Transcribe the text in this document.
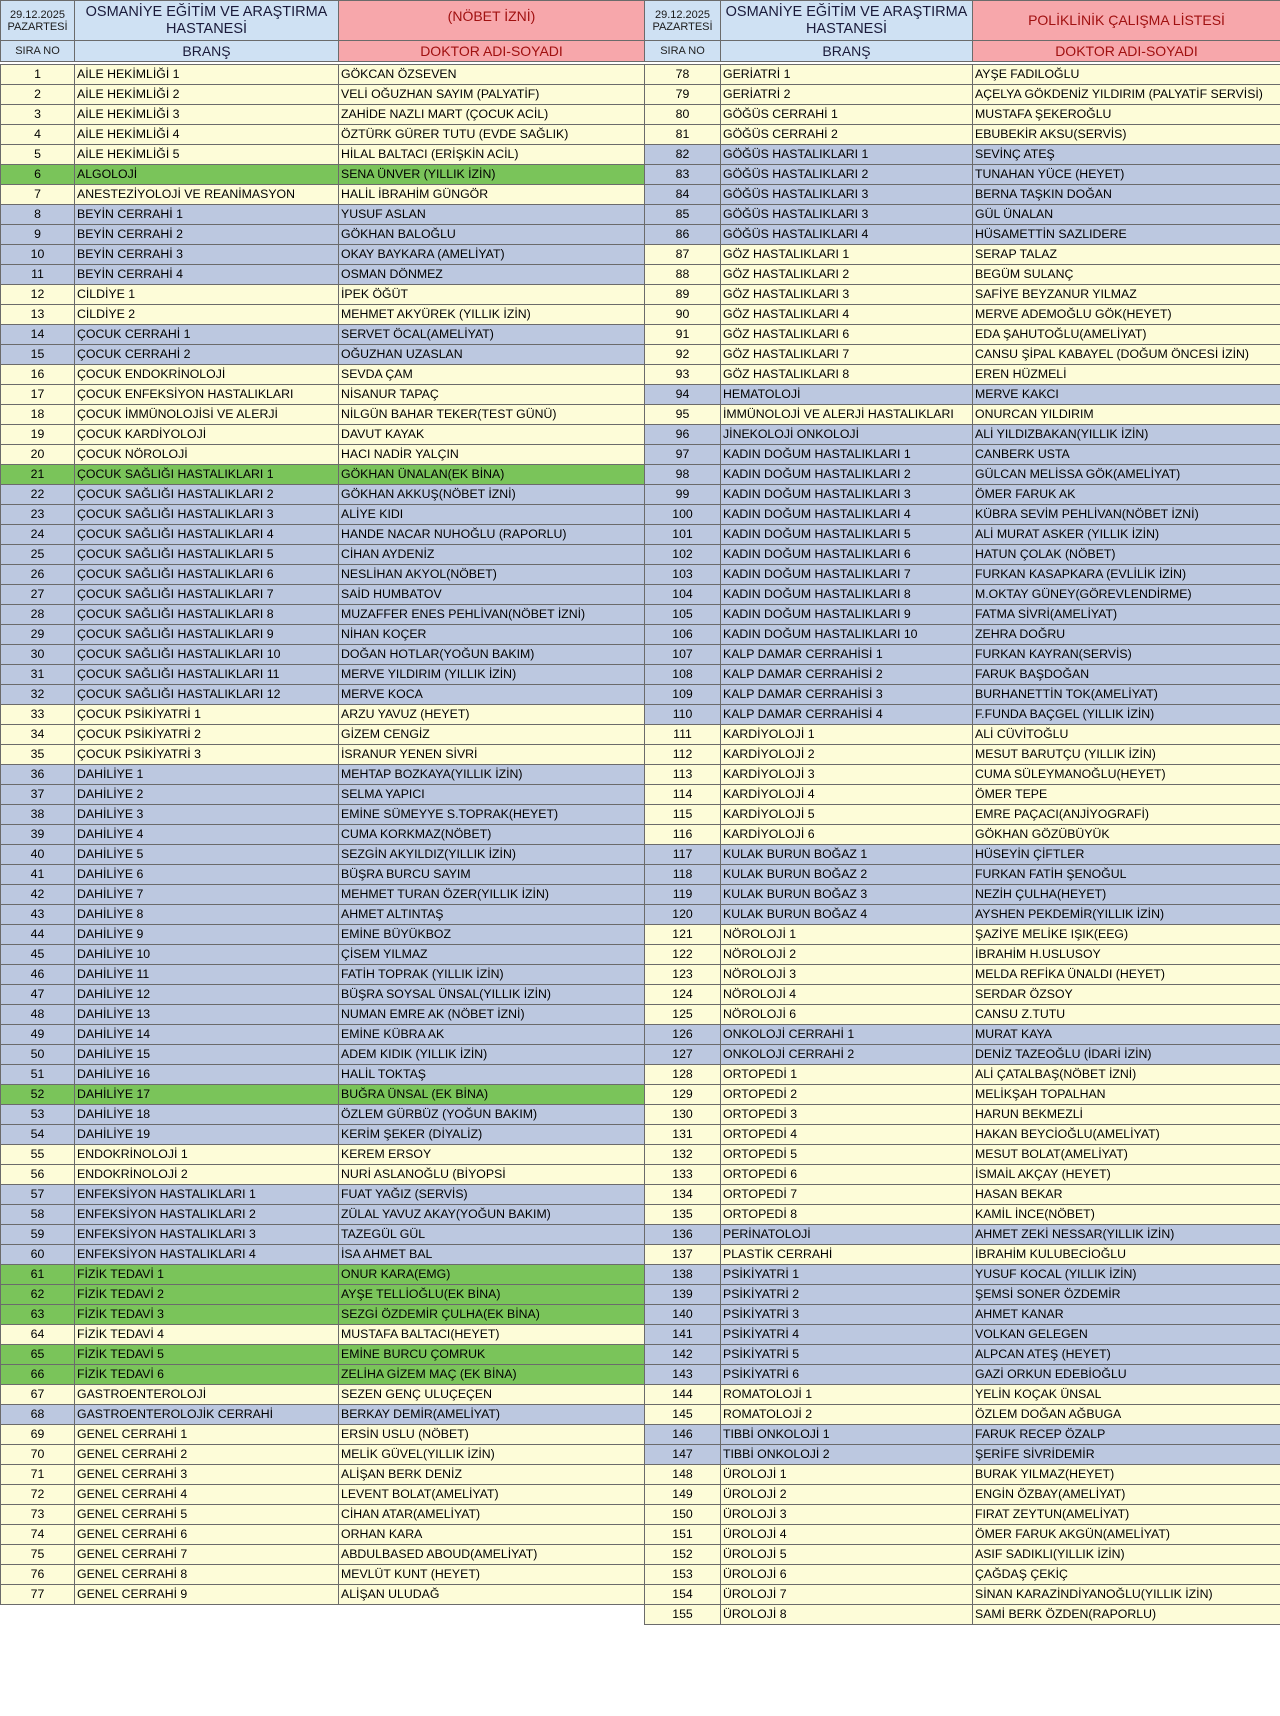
29.12.2025
PAZARTESİ	OSMANİYE EĞİTİM VE ARAŞTIRMA HASTANESİ	(NÖBET İZNİ)
SIRA NO	BRANŞ	DOKTOR ADI-SOYADI

1	AİLE HEKİMLİĞİ 1	GÖKCAN ÖZSEVEN
2	AİLE HEKİMLİĞİ 2	VELİ OĞUZHAN SAYIM (PALYATİF)
3	AİLE HEKİMLİĞİ 3	ZAHİDE NAZLI MART (ÇOCUK ACİL)
4	AİLE HEKİMLİĞİ 4	ÖZTÜRK GÜRER TUTU (EVDE SAĞLIK)
5	AİLE HEKİMLİĞİ 5	HİLAL BALTACI (ERİŞKİN ACİL)
6	ALGOLOJİ	SENA ÜNVER (YILLIK İZİN)
7	ANESTEZİYOLOJİ VE REANİMASYON	HALİL İBRAHİM GÜNGÖR
8	BEYİN CERRAHİ 1	YUSUF ASLAN
9	BEYİN CERRAHİ 2	GÖKHAN BALOĞLU
10	BEYİN CERRAHİ 3	OKAY BAYKARA (AMELİYAT)
11	BEYİN CERRAHİ 4	OSMAN DÖNMEZ
12	CİLDİYE 1	İPEK ÖĞÜT
13	CİLDİYE 2	MEHMET AKYÜREK (YILLIK İZİN)
14	ÇOCUK CERRAHİ 1	SERVET ÖCAL(AMELİYAT)
15	ÇOCUK CERRAHİ 2	OĞUZHAN UZASLAN
16	ÇOCUK ENDOKRİNOLOJİ	SEVDA ÇAM
17	ÇOCUK ENFEKSİYON HASTALIKLARI	NİSANUR TAPAÇ
18	ÇOCUK İMMÜNOLOJİSİ VE ALERJİ	NİLGÜN BAHAR TEKER(TEST GÜNÜ)
19	ÇOCUK KARDİYOLOJİ	DAVUT KAYAK
20	ÇOCUK NÖROLOJİ	HACI NADİR YALÇIN
21	ÇOCUK SAĞLIĞI HASTALIKLARI 1	GÖKHAN ÜNALAN(EK BİNA)
22	ÇOCUK SAĞLIĞI HASTALIKLARI 2	GÖKHAN AKKUŞ(NÖBET İZNİ)
23	ÇOCUK SAĞLIĞI HASTALIKLARI 3	ALİYE KIDI
24	ÇOCUK SAĞLIĞI HASTALIKLARI 4	HANDE NACAR NUHOĞLU (RAPORLU)
25	ÇOCUK SAĞLIĞI HASTALIKLARI 5	CİHAN AYDENİZ
26	ÇOCUK SAĞLIĞI HASTALIKLARI 6	NESLİHAN AKYOL(NÖBET)
27	ÇOCUK SAĞLIĞI HASTALIKLARI 7	SAİD HUMBATOV
28	ÇOCUK SAĞLIĞI HASTALIKLARI 8	MUZAFFER ENES PEHLİVAN(NÖBET İZNİ)
29	ÇOCUK SAĞLIĞI HASTALIKLARI 9	NİHAN KOÇER
30	ÇOCUK SAĞLIĞI HASTALIKLARI 10	DOĞAN HOTLAR(YOĞUN BAKIM)
31	ÇOCUK SAĞLIĞI HASTALIKLARI 11	MERVE YILDIRIM (YILLIK İZİN)
32	ÇOCUK SAĞLIĞI HASTALIKLARI 12	MERVE KOCA
33	ÇOCUK PSİKİYATRİ 1	ARZU YAVUZ (HEYET)
34	ÇOCUK PSİKİYATRİ 2	GİZEM CENGİZ
35	ÇOCUK PSİKİYATRİ 3	İSRANUR YENEN SİVRİ
36	DAHİLİYE 1	MEHTAP BOZKAYA(YILLIK İZİN)
37	DAHİLİYE 2	SELMA YAPICI
38	DAHİLİYE 3	EMİNE SÜMEYYE S.TOPRAK(HEYET)
39	DAHİLİYE 4	CUMA KORKMAZ(NÖBET)
40	DAHİLİYE 5	SEZGİN AKYILDIZ(YILLIK İZİN)
41	DAHİLİYE 6	BÜŞRA BURCU SAYIM
42	DAHİLİYE 7	MEHMET TURAN ÖZER(YILLIK İZİN)
43	DAHİLİYE 8	AHMET ALTINTAŞ
44	DAHİLİYE 9	EMİNE BÜYÜKBOZ
45	DAHİLİYE 10	ÇİSEM YILMAZ
46	DAHİLİYE 11	FATİH TOPRAK (YILLIK İZİN)
47	DAHİLİYE 12	BÜŞRA SOYSAL ÜNSAL(YILLIK İZİN)
48	DAHİLİYE 13	NUMAN EMRE AK (NÖBET İZNİ)
49	DAHİLİYE 14	EMİNE KÜBRA AK
50	DAHİLİYE 15	ADEM KIDIK (YILLIK İZİN)
51	DAHİLİYE 16	HALİL TOKTAŞ
52	DAHİLİYE 17	BUĞRA ÜNSAL (EK BİNA)
53	DAHİLİYE 18	ÖZLEM GÜRBÜZ (YOĞUN BAKIM)
54	DAHİLİYE 19	KERİM ŞEKER (DİYALİZ)
55	ENDOKRİNOLOJİ 1	KEREM ERSOY
56	ENDOKRİNOLOJİ 2	NURİ ASLANOĞLU (BİYOPSİ
57	ENFEKSİYON HASTALIKLARI 1	FUAT YAĞIZ (SERVİS)
58	ENFEKSİYON HASTALIKLARI 2	ZÜLAL YAVUZ AKAY(YOĞUN BAKIM)
59	ENFEKSİYON HASTALIKLARI 3	TAZEGÜL GÜL
60	ENFEKSİYON HASTALIKLARI 4	İSA AHMET BAL
61	FİZİK TEDAVİ 1	ONUR KARA(EMG)
62	FİZİK TEDAVİ 2	AYŞE TELLİOĞLU(EK BİNA)
63	FİZİK TEDAVİ 3	SEZGİ ÖZDEMİR ÇULHA(EK BİNA)
64	FİZİK TEDAVİ 4	MUSTAFA BALTACI(HEYET)
65	FİZİK TEDAVİ 5	EMİNE BURCU ÇOMRUK
66	FİZİK TEDAVİ 6	ZELİHA GİZEM MAÇ (EK BİNA)
67	GASTROENTEROLOJİ	SEZEN GENÇ ULUÇEÇEN
68	GASTROENTEROLOJİK CERRAHİ	BERKAY DEMİR(AMELİYAT)
69	GENEL CERRAHİ 1	ERSİN USLU (NÖBET)
70	GENEL CERRAHİ 2	MELİK GÜVEL(YILLIK İZİN)
71	GENEL CERRAHİ 3	ALİŞAN BERK DENİZ
72	GENEL CERRAHİ 4	LEVENT BOLAT(AMELİYAT)
73	GENEL CERRAHİ 5	CİHAN ATAR(AMELİYAT)
74	GENEL CERRAHİ 6	ORHAN KARA
75	GENEL CERRAHİ 7	ABDULBASED ABOUD(AMELİYAT)
76	GENEL CERRAHİ 8	MEVLÜT KUNT (HEYET)
77	GENEL CERRAHİ 9	ALİŞAN ULUDAĞ
29.12.2025
PAZARTESİ	OSMANİYE EĞİTİM VE ARAŞTIRMA HASTANESİ	POLİKLİNİK ÇALIŞMA LİSTESİ
SIRA NO	BRANŞ	DOKTOR ADI-SOYADI

78	GERİATRİ 1	AYŞE FADILOĞLU
79	GERİATRİ 2	AÇELYA GÖKDENİZ YILDIRIM (PALYATİF SERVİSİ)
80	GÖĞÜS CERRAHİ 1	MUSTAFA ŞEKEROĞLU
81	GÖĞÜS CERRAHİ 2	EBUBEKİR AKSU(SERVİS)
82	GÖĞÜS HASTALIKLARI 1	SEVİNÇ ATEŞ
83	GÖĞÜS HASTALIKLARI 2	TUNAHAN YÜCE (HEYET)
84	GÖĞÜS HASTALIKLARI 3	BERNA TAŞKIN DOĞAN
85	GÖĞÜS HASTALIKLARI 3	GÜL ÜNALAN
86	GÖĞÜS HASTALIKLARI 4	HÜSAMETTİN SAZLIDERE
87	GÖZ HASTALIKLARI 1	SERAP TALAZ
88	GÖZ HASTALIKLARI 2	BEGÜM SULANÇ
89	GÖZ HASTALIKLARI 3	SAFİYE BEYZANUR YILMAZ
90	GÖZ HASTALIKLARI 4	MERVE ADEMOĞLU GÖK(HEYET)
91	GÖZ HASTALIKLARI 6	EDA ŞAHUTOĞLU(AMELİYAT)
92	GÖZ HASTALIKLARI 7	CANSU ŞİPAL KABAYEL (DOĞUM ÖNCESİ İZİN)
93	GÖZ HASTALIKLARI 8	EREN HÜZMELİ
94	HEMATOLOJİ	MERVE KAKCI
95	İMMÜNOLOJİ VE ALERJİ HASTALIKLARI	ONURCAN YILDIRIM
96	JİNEKOLOJİ ONKOLOJİ	ALİ YILDIZBAKAN(YILLIK İZİN)
97	KADIN DOĞUM HASTALIKLARI 1	CANBERK USTA
98	KADIN DOĞUM HASTALIKLARI 2	GÜLCAN MELİSSA GÖK(AMELİYAT)
99	KADIN DOĞUM HASTALIKLARI 3	ÖMER FARUK AK
100	KADIN DOĞUM HASTALIKLARI 4	KÜBRA SEVİM PEHLİVAN(NÖBET İZNİ)
101	KADIN DOĞUM HASTALIKLARI 5	ALİ MURAT ASKER (YILLIK İZİN)
102	KADIN DOĞUM HASTALIKLARI 6	HATUN ÇOLAK (NÖBET)
103	KADIN DOĞUM HASTALIKLARI 7	FURKAN KASAPKARA (EVLİLİK İZİN)
104	KADIN DOĞUM HASTALIKLARI 8	M.OKTAY GÜNEY(GÖREVLENDİRME)
105	KADIN DOĞUM HASTALIKLARI 9	FATMA SİVRİ(AMELİYAT)
106	KADIN DOĞUM HASTALIKLARI 10	ZEHRA DOĞRU
107	KALP DAMAR CERRAHİSİ 1	FURKAN KAYRAN(SERVİS)
108	KALP DAMAR CERRAHİSİ 2	FARUK BAŞDOĞAN
109	KALP DAMAR CERRAHİSİ 3	BURHANETTİN TOK(AMELİYAT)
110	KALP DAMAR CERRAHİSİ 4	F.FUNDA BAÇGEL (YILLIK İZİN)
111	KARDİYOLOJİ 1	ALİ CÜVİTOĞLU
112	KARDİYOLOJİ 2	MESUT BARUTÇU (YILLIK İZİN)
113	KARDİYOLOJİ 3	CUMA SÜLEYMANOĞLU(HEYET)
114	KARDİYOLOJİ 4	ÖMER TEPE
115	KARDİYOLOJİ 5	EMRE PAÇACI(ANJİYOGRAFİ)
116	KARDİYOLOJİ 6	GÖKHAN GÖZÜBÜYÜK
117	KULAK BURUN BOĞAZ 1	HÜSEYİN ÇİFTLER
118	KULAK BURUN BOĞAZ 2	FURKAN FATİH ŞENOĞUL
119	KULAK BURUN BOĞAZ 3	NEZİH ÇULHA(HEYET)
120	KULAK BURUN BOĞAZ 4	AYSHEN PEKDEMİR(YILLIK İZİN)
121	NÖROLOJİ 1	ŞAZİYE MELİKE IŞIK(EEG)
122	NÖROLOJİ 2	İBRAHİM H.USLUSOY
123	NÖROLOJİ 3	MELDA REFİKA ÜNALDI (HEYET)
124	NÖROLOJİ 4	SERDAR ÖZSOY
125	NÖROLOJİ 6	CANSU Z.TUTU
126	ONKOLOJİ CERRAHİ 1	MURAT KAYA
127	ONKOLOJİ CERRAHİ 2	DENİZ TAZEOĞLU (İDARİ İZİN)
128	ORTOPEDİ 1	ALİ ÇATALBAŞ(NÖBET İZNİ)
129	ORTOPEDİ 2	MELİKŞAH TOPALHAN
130	ORTOPEDİ 3	HARUN BEKMEZLİ
131	ORTOPEDİ 4	HAKAN BEYCİOĞLU(AMELİYAT)
132	ORTOPEDİ 5	MESUT BOLAT(AMELİYAT)
133	ORTOPEDİ 6	İSMAİL AKÇAY (HEYET)
134	ORTOPEDİ 7	HASAN BEKAR
135	ORTOPEDİ 8	KAMİL İNCE(NÖBET)
136	PERİNATOLOJİ	AHMET ZEKİ NESSAR(YILLIK İZİN)
137	PLASTİK CERRAHİ	İBRAHİM KULUBECİOĞLU
138	PSİKİYATRİ 1	YUSUF KOCAL (YILLIK İZİN)
139	PSİKİYATRİ 2	ŞEMSİ SONER ÖZDEMİR
140	PSİKİYATRİ 3	AHMET KANAR
141	PSİKİYATRİ 4	VOLKAN GELEGEN
142	PSİKİYATRİ 5	ALPCAN ATEŞ (HEYET)
143	PSİKİYATRİ 6	GAZİ ORKUN EDEBİOĞLU
144	ROMATOLOJİ 1	YELİN KOÇAK ÜNSAL
145	ROMATOLOJİ 2	ÖZLEM DOĞAN AĞBUGA
146	TIBBİ ONKOLOJİ 1	FARUK RECEP ÖZALP
147	TIBBİ ONKOLOJİ 2	ŞERİFE SİVRİDEMİR
148	ÜROLOJİ 1	BURAK YILMAZ(HEYET)
149	ÜROLOJİ 2	ENGİN ÖZBAY(AMELİYAT)
150	ÜROLOJİ 3	FIRAT ZEYTUN(AMELİYAT)
151	ÜROLOJİ 4	ÖMER FARUK AKGÜN(AMELİYAT)
152	ÜROLOJİ 5	ASIF SADIKLI(YILLIK İZİN)
153	ÜROLOJİ 6	ÇAĞDAŞ ÇEKİÇ
154	ÜROLOJİ 7	SİNAN KARAZİNDİYANOĞLU(YILLIK İZİN)
155	ÜROLOJİ 8	SAMİ BERK ÖZDEN(RAPORLU)
